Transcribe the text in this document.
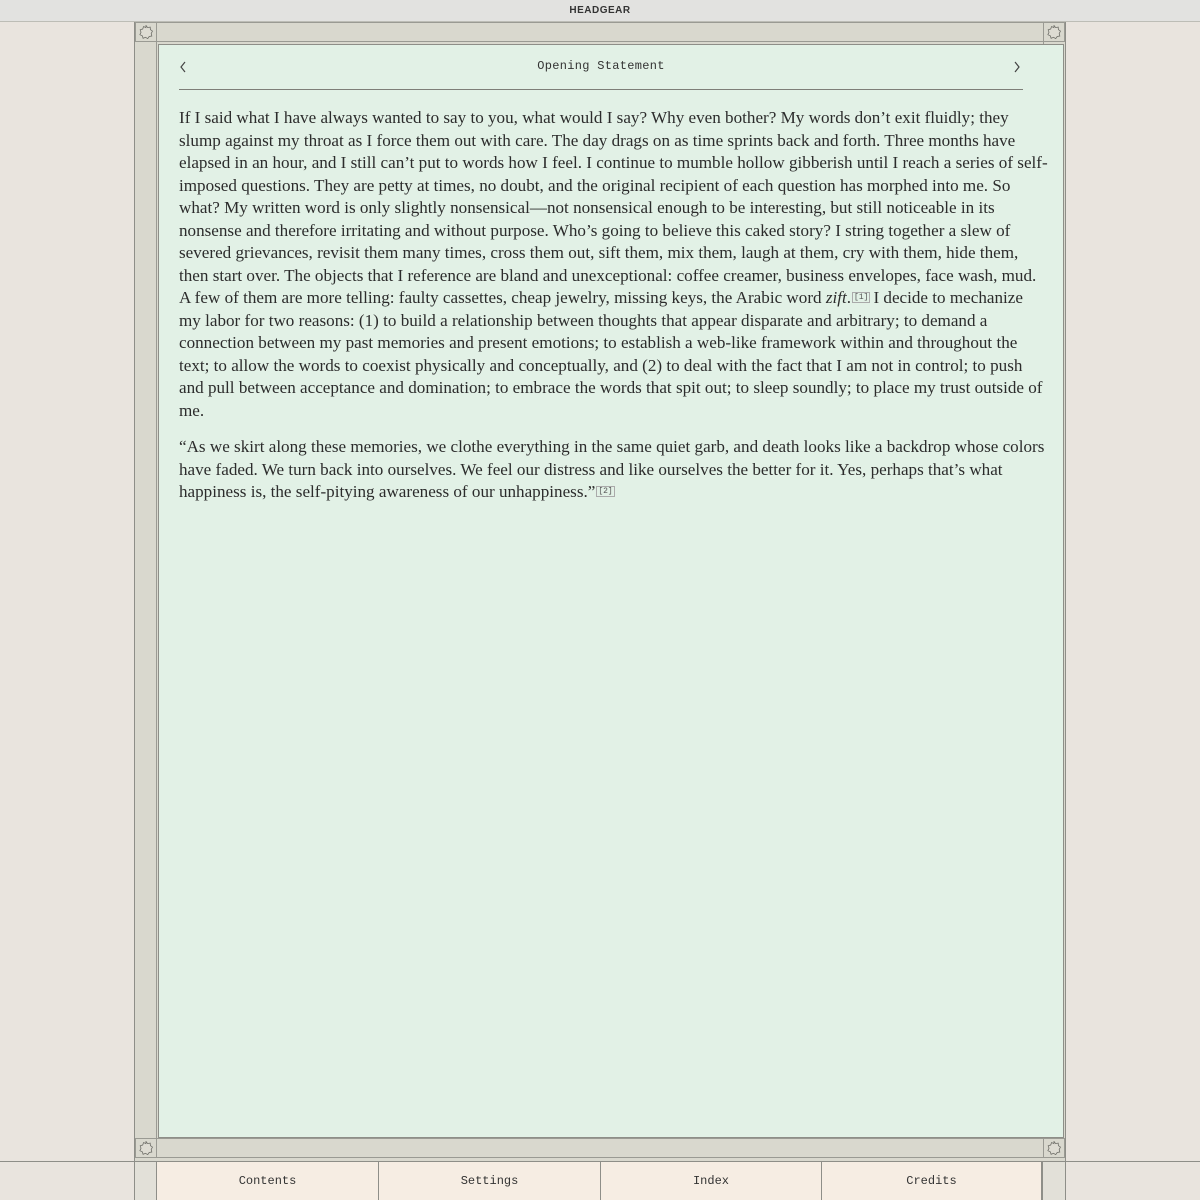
HEADGEAR
Opening Statement

If I said what I have always wanted to say to you, what would I say? Why even bother? My words don’t exit fluidly; they slump against my throat as I force them out with care. The day drags on as time sprints back and forth. Three months have elapsed in an hour, and I still can’t put to words how I feel. I continue to mumble hollow gibberish until I reach a series of self-imposed questions. They are petty at times, no doubt, and the original recipient of each question has morphed into me. So what? My written word is only slightly nonsensical—not nonsensical enough to be interesting, but still noticeable in its nonsense and therefore irritating and without purpose. Who’s going to believe this caked story? I string together a slew of severed grievances, revisit them many times, cross them out, sift them, mix them, laugh at them, cry with them, hide them, then start over. The objects that I reference are bland and unexceptional: coffee creamer, business envelopes, face wash, mud. A few of them are more telling: faulty cassettes, cheap jewelry, missing keys, the Arabic word zift. [1] I decide to mechanize my labor for two reasons: (1) to build a relationship between thoughts that appear disparate and arbitrary; to demand a connection between my past memories and present emotions; to establish a web-like framework within and throughout the text; to allow the words to coexist physically and conceptually, and (2) to deal with the fact that I am not in control; to push and pull between acceptance and domination; to embrace the words that spit out; to sleep soundly; to place my trust outside of me.

“As we skirt along these memories, we clothe everything in the same quiet garb, and death looks like a backdrop whose colors have faded. We turn back into ourselves. We feel our distress and like ourselves the better for it. Yes, perhaps that’s what happiness is, the self-pitying awareness of our unhappiness.” [2]

Contents	Settings	Index	Credits
